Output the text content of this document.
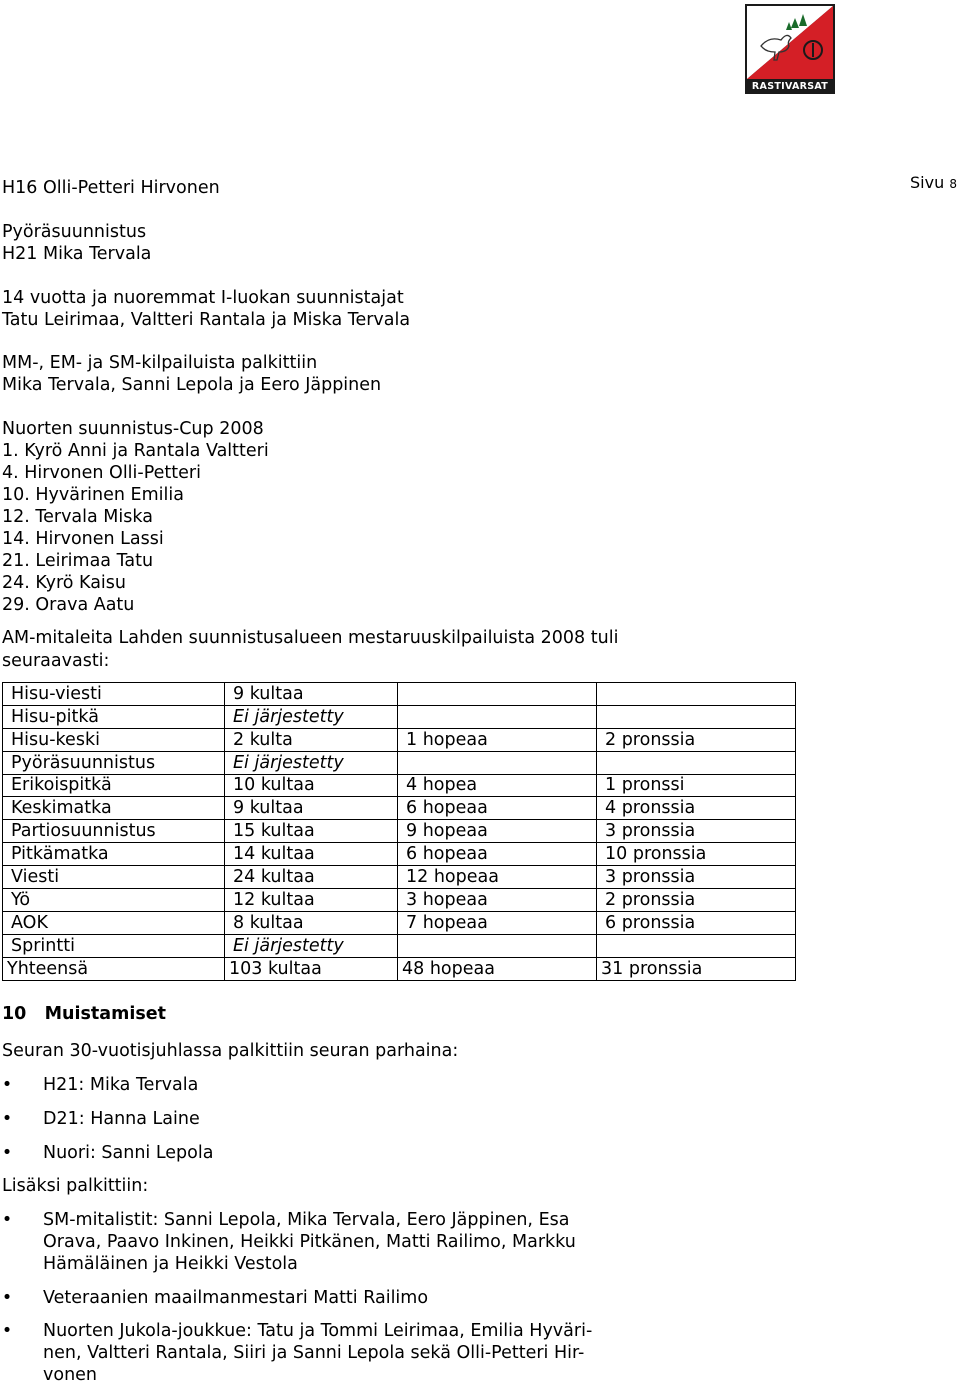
RASTIVARSAT
Sivu 8
H16 Olli-Petteri Hirvonen
Pyöräsuunnistus
H21 Mika Tervala
14 vuotta ja nuoremmat I-luokan suunnistajat
Tatu Leirimaa, Valtteri Rantala ja Miska Tervala
MM-, EM- ja SM-kilpailuista palkittiin
Mika Tervala, Sanni Lepola ja Eero Jäppinen
Nuorten suunnistus-Cup 2008
1. Kyrö Anni ja Rantala Valtteri
4. Hirvonen Olli-Petteri
10. Hyvärinen Emilia
12. Tervala Miska
14. Hirvonen Lassi
21. Leirimaa Tatu
24. Kyrö Kaisu
29. Orava Aatu
AM-mitaleita Lahden suunnistusalueen mestaruuskilpailuista 2008 tuli
seuraavasti:
Hisu-viesti	9 kultaa		
Hisu-pitkä	Ei järjestetty		
Hisu-keski	2 kulta	1 hopeaa	2 pronssia
Pyöräsuunnistus	Ei järjestetty		
Erikoispitkä	10 kultaa	4 hopea	1 pronssi
Keskimatka	9 kultaa	6 hopeaa	4 pronssia
Partiosuunnistus	15 kultaa	9 hopeaa	3 pronssia
Pitkämatka	14 kultaa	6 hopeaa	10 pronssia
Viesti	24 kultaa	12 hopeaa	3 pronssia
Yö	12 kultaa	3 hopeaa	2 pronssia
AOK	8 kultaa	7 hopeaa	6 pronssia
Sprintti	Ei järjestetty		
Yhteensä	103 kultaa	48 hopeaa	31 pronssia
10 Muistamiset
Seuran 30-vuotisjuhlassa palkittiin seuran parhaina:
• H21: Mika Tervala
• D21: Hanna Laine
• Nuori: Sanni Lepola
Lisäksi palkittiin:
• SM-mitalistit: Sanni Lepola, Mika Tervala, Eero Jäppinen, Esa
Orava, Paavo Inkinen, Heikki Pitkänen, Matti Railimo, Markku
Hämäläinen ja Heikki Vestola
• Veteraanien maailmanmestari Matti Railimo
• Nuorten Jukola-joukkue: Tatu ja Tommi Leirimaa, Emilia Hyväri-
nen, Valtteri Rantala, Siiri ja Sanni Lepola sekä Olli-Petteri Hir-
vonen
